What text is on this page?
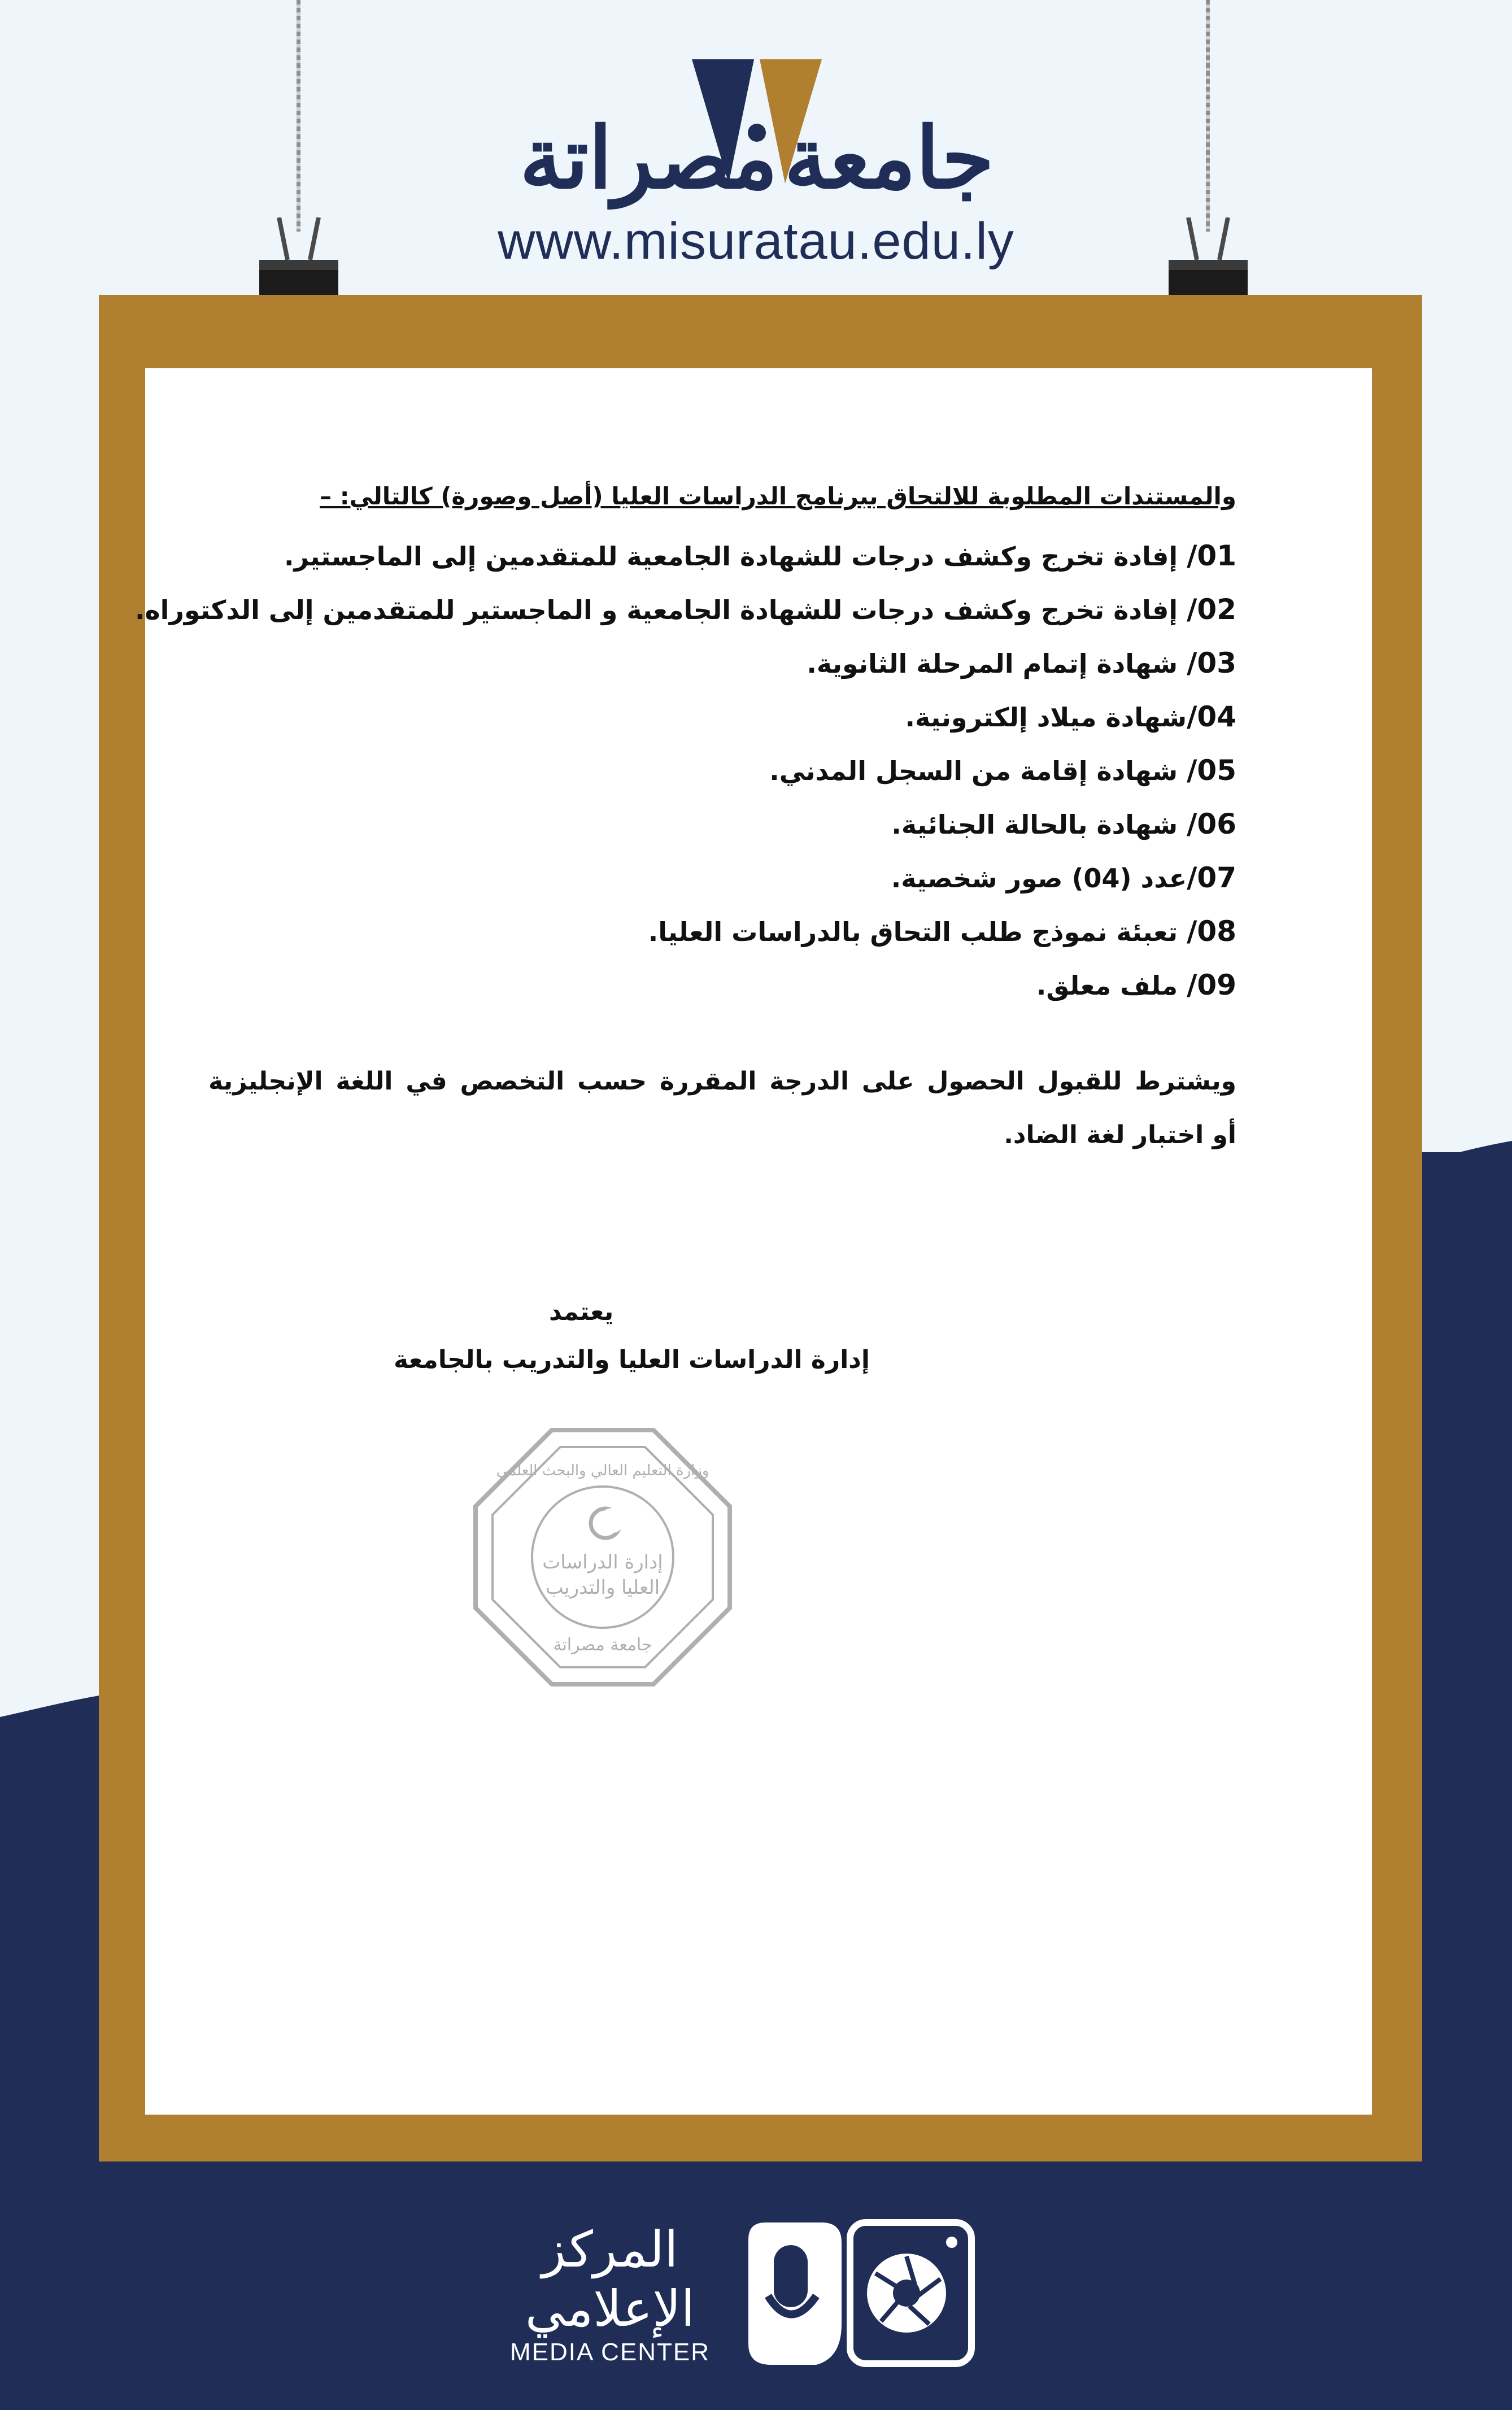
جامعة
مصراتة
www.misuratau.edu.ly
والمستندات المطلوبة للالتحاق ببرنامج الدراسات العليا (أصل وصورة) كالتالي: –
01/ إفادة تخرج وكشف درجات للشهادة الجامعية للمتقدمين إلى الماجستير.
02/ إفادة تخرج وكشف درجات للشهادة الجامعية و الماجستير للمتقدمين إلى الدكتوراه.
03/ شهادة إتمام المرحلة الثانوية.
04/شهادة ميلاد إلكترونية.
05/ شهادة إقامة من السجل المدني.
06/ شهادة بالحالة الجنائية.
07/عدد (04) صور شخصية.
08/ تعبئة نموذج طلب التحاق بالدراسات العليا.
09/ ملف معلق.
ويشترط للقبول الحصول على الدرجة المقررة حسب التخصص في اللغة الإنجليزية
أو اختبار لغة الضاد.
يعتمد
إدارة الدراسات العليا والتدريب بالجامعة
وزارة التعليم العالي والبحث العلمي
إدارة الدراسات
العليا والتدريب
جامعة مصراتة
المركز
الإعلامي
MEDIA CENTER
